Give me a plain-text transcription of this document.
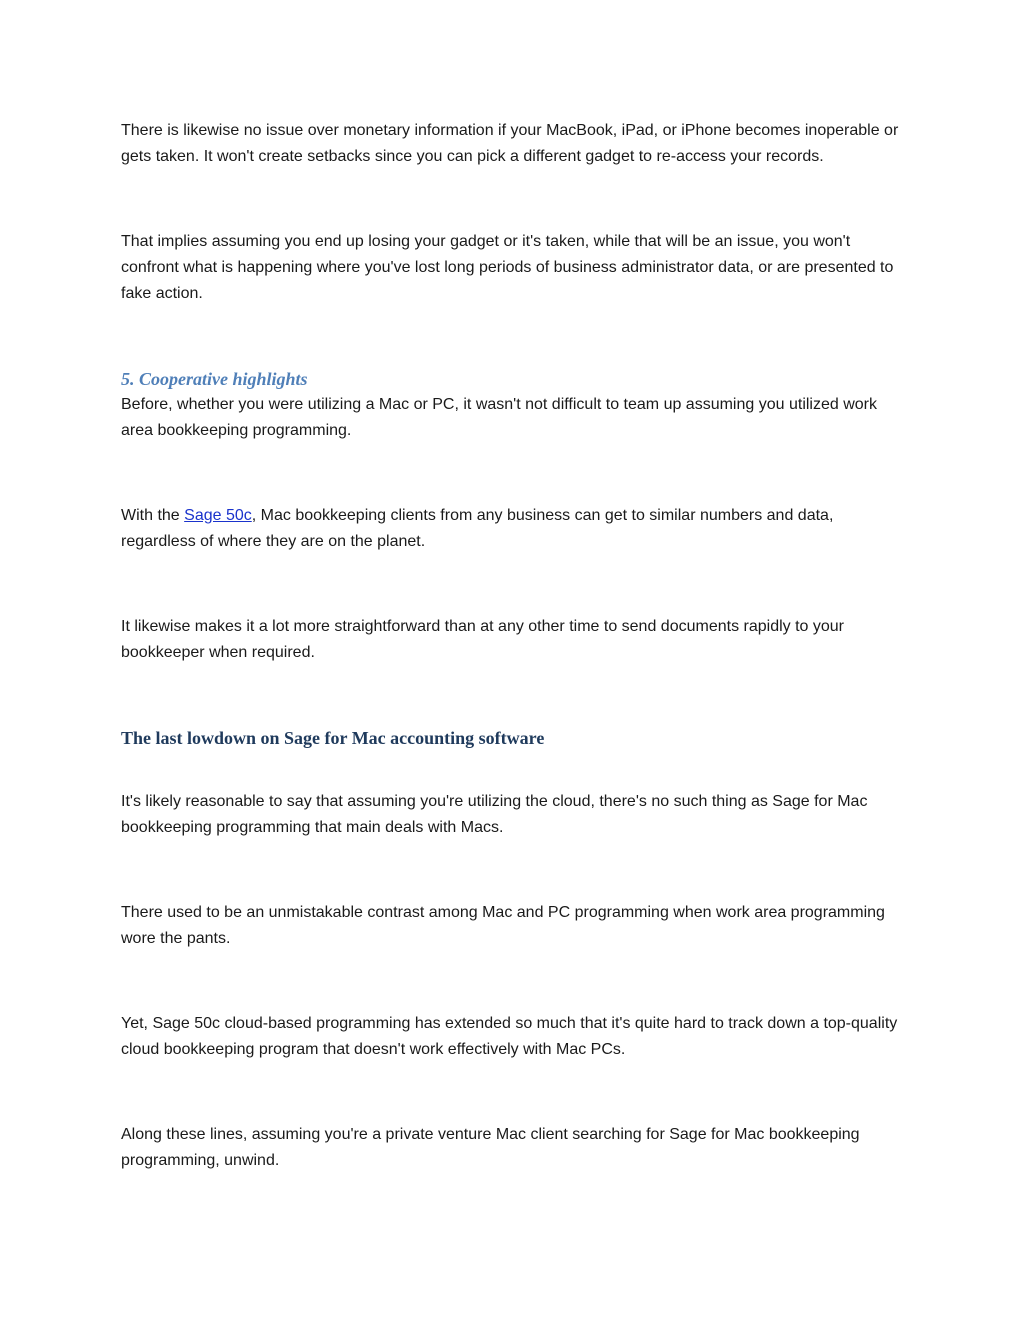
There is likewise no issue over monetary information if your MacBook, iPad, or iPhone becomes inoperable or gets taken. It won't create setbacks since you can pick a different gadget to re-access your records.

That implies assuming you end up losing your gadget or it's taken, while that will be an issue, you won't confront what is happening where you've lost long periods of business administrator data, or are presented to fake action.

5. Cooperative highlights

Before, whether you were utilizing a Mac or PC, it wasn't not difficult to team up assuming you utilized work area bookkeeping programming.

With the Sage 50c, Mac bookkeeping clients from any business can get to similar numbers and data, regardless of where they are on the planet.

It likewise makes it a lot more straightforward than at any other time to send documents rapidly to your bookkeeper when required.

The last lowdown on Sage for Mac accounting software

It's likely reasonable to say that assuming you're utilizing the cloud, there's no such thing as Sage for Mac bookkeeping programming that main deals with Macs.

There used to be an unmistakable contrast among Mac and PC programming when work area programming wore the pants.

Yet, Sage 50c cloud-based programming has extended so much that it's quite hard to track down a top-quality cloud bookkeeping program that doesn't work effectively with Mac PCs.

Along these lines, assuming you're a private venture Mac client searching for Sage for Mac bookkeeping programming, unwind.
